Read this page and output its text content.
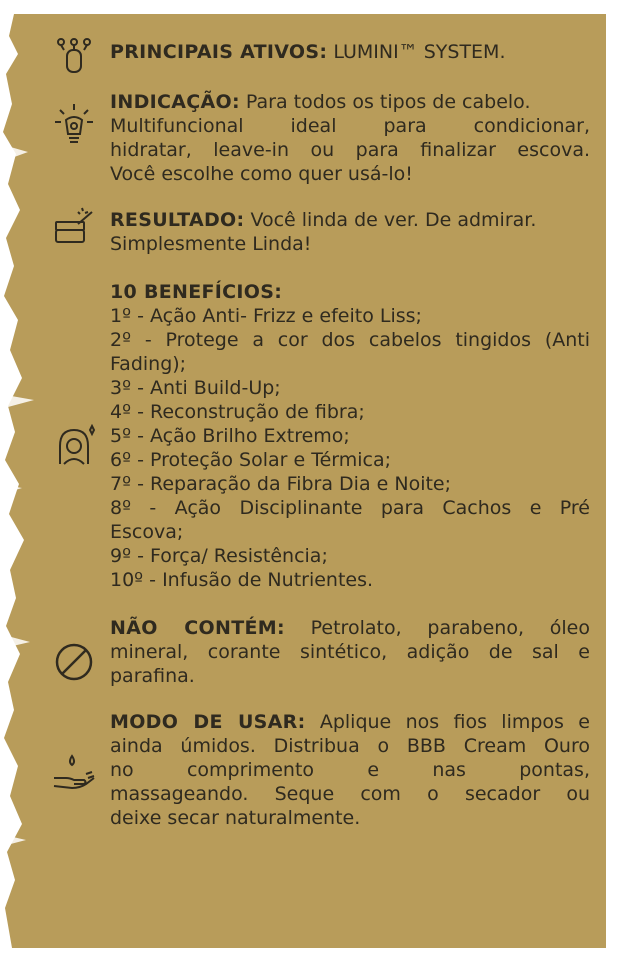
PRINCIPAIS ATIVOS: LUMINI™ SYSTEM.
INDICAÇÃO: Para todos os tipos de cabelo.
Multifuncional ideal para condicionar,
hidratar, leave-in ou para finalizar escova.
Você escolhe como quer usá-lo!
RESULTADO: Você linda de ver. De admirar.
Simplesmente Linda!
10 BENEFÍCIOS:
1º - Ação Anti- Frizz e efeito Liss;
2º - Protege a cor dos cabelos tingidos (Anti
Fading);
3º - Anti Build-Up;
4º - Reconstrução de fibra;
5º - Ação Brilho Extremo;
6º - Proteção Solar e Térmica;
7º - Reparação da Fibra Dia e Noite;
8º - Ação Disciplinante para Cachos e Pré
Escova;
9º - Força/ Resistência;
10º - Infusão de Nutrientes.
NÃO CONTÉM: Petrolato, parabeno, óleo
mineral, corante sintético, adição de sal e
parafina.
MODO DE USAR: Aplique nos fios limpos e
ainda úmidos. Distribua o BBB Cream Ouro
no comprimento e nas pontas,
massageando. Seque com o secador ou
deixe secar naturalmente.
